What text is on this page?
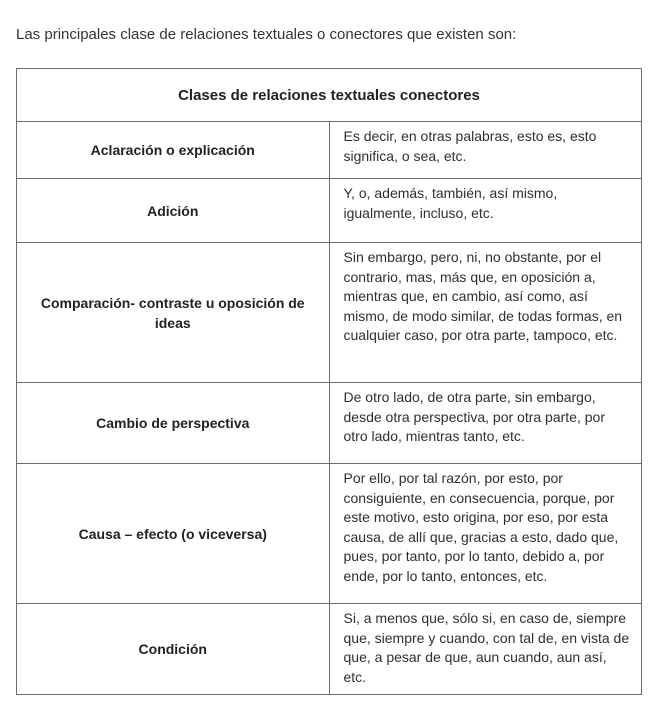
Las principales clase de relaciones textuales o conectores que existen son:

Clases de relaciones textuales conectores	
Aclaración o explicación	Es decir, en otras palabras, esto es, esto significa, o sea, etc.
Adición	Y, o, además, también, así mismo, igualmente, incluso, etc.
Comparación- contraste u oposición de ideas	Sin embargo, pero, ni, no obstante, por el contrario, mas, más que, en oposición a, mientras que, en cambio, así como, así mismo, de modo similar, de todas formas, en cualquier caso, por otra parte, tampoco, etc.
Cambio de perspectiva	De otro lado, de otra parte, sin embargo, desde otra perspectiva, por otra parte, por otro lado, mientras tanto, etc.
Causa – efecto (o viceversa)	Por ello, por tal razón, por esto, por consiguiente, en consecuencia, porque, por este motivo, esto origina, por eso, por esta causa, de allí que, gracias a esto, dado que, pues, por tanto, por lo tanto, debido a, por ende, por lo tanto, entonces, etc.
Condición	Si, a menos que, sólo si, en caso de, siempre que, siempre y cuando, con tal de, en vista de que, a pesar de que, aun cuando, aun así, etc.
